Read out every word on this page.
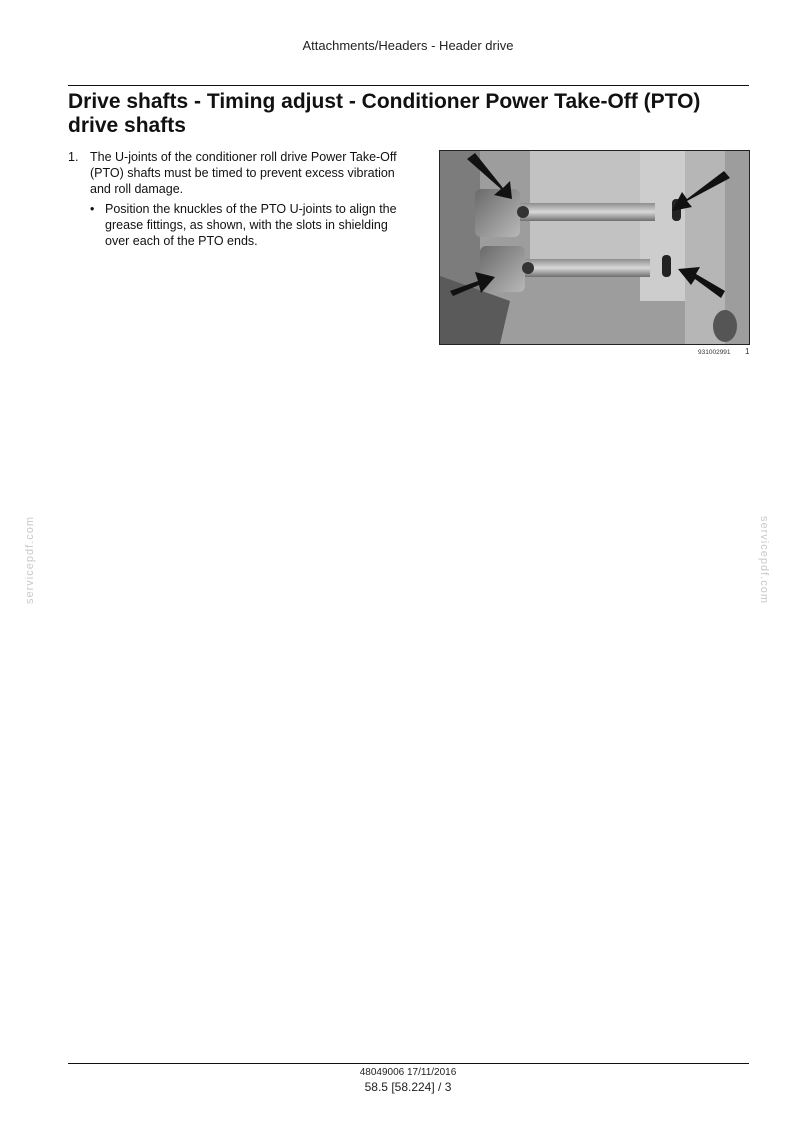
Attachments/Headers - Header drive
Drive shafts - Timing adjust - Conditioner Power Take-Off (PTO) drive shafts
1. The U-joints of the conditioner roll drive Power Take-Off (PTO) shafts must be timed to prevent excess vibration and roll damage.
• Position the knuckles of the PTO U-joints to align the grease fittings, as shown, with the slots in shielding over each of the PTO ends.
931002991 1
servicepdf.com	servicepdf.com
48049006 17/11/2016
58.5 [58.224] / 3
